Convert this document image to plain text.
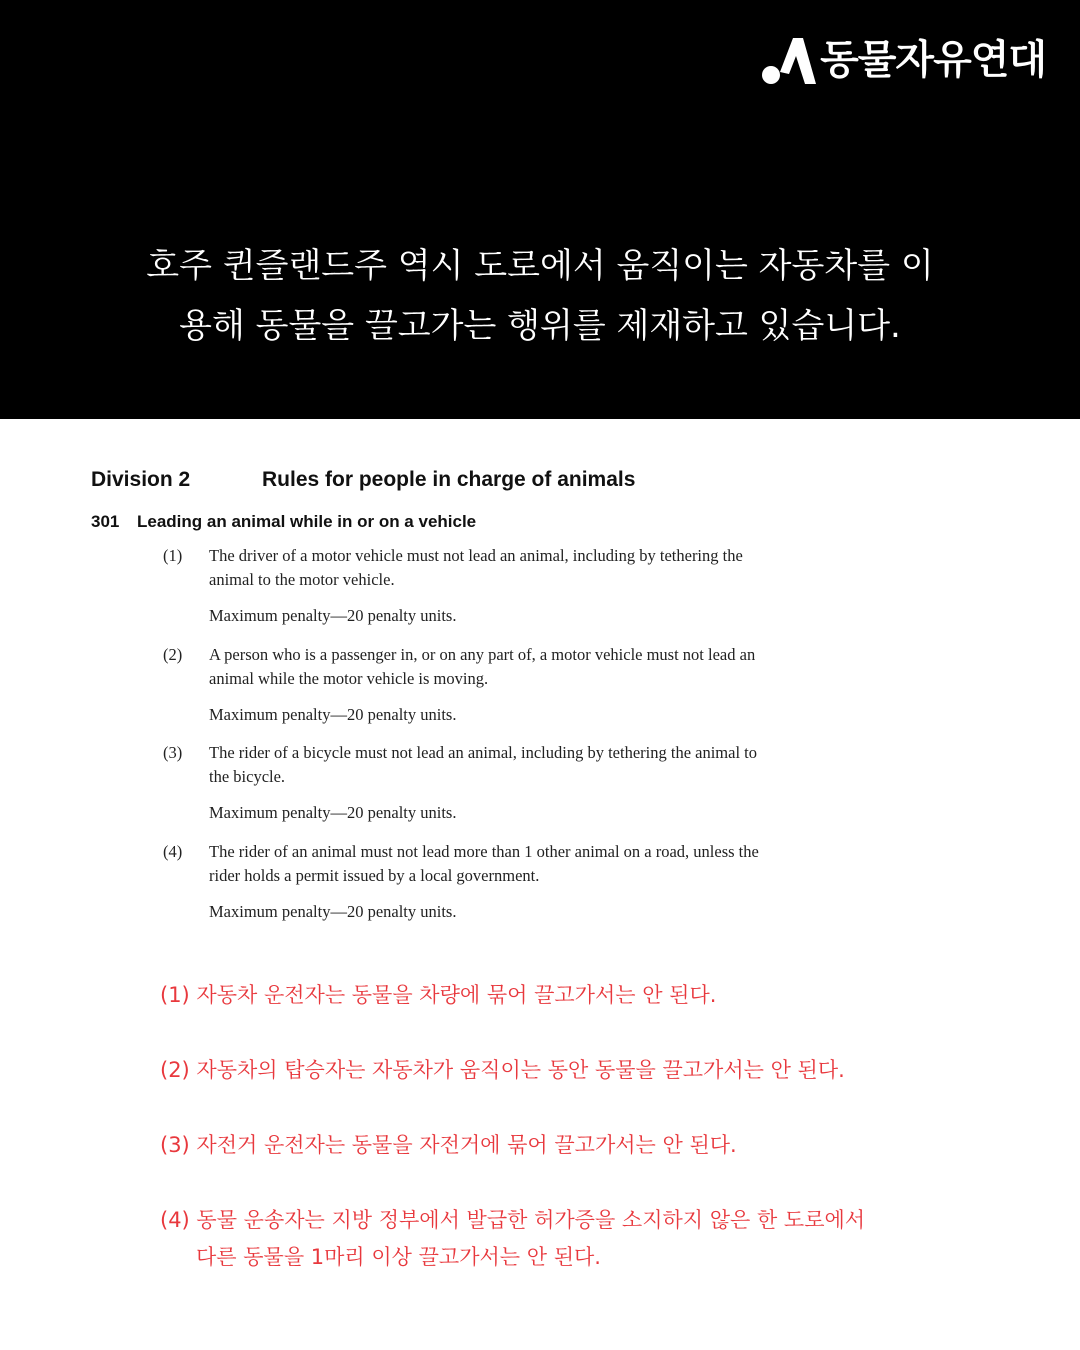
동물자유연대
호주 퀸즐랜드주 역시 도로에서 움직이는 자동차를 이
용해 동물을 끌고가는 행위를 제재하고 있습니다.
Division 2	Rules for people in charge of animals
301 Leading an animal while in or on a vehicle
(1) The driver of a motor vehicle must not lead an animal, including by tethering the
animal to the motor vehicle.
Maximum penalty—20 penalty units.
(2) A person who is a passenger in, or on any part of, a motor vehicle must not lead an
animal while the motor vehicle is moving.
Maximum penalty—20 penalty units.
(3) The rider of a bicycle must not lead an animal, including by tethering the animal to
the bicycle.
Maximum penalty—20 penalty units.
(4) The rider of an animal must not lead more than 1 other animal on a road, unless the
rider holds a permit issued by a local government.
Maximum penalty—20 penalty units.
(1) 자동차 운전자는 동물을 차량에 묶어 끌고가서는 안 된다.
(2) 자동차의 탑승자는 자동차가 움직이는 동안 동물을 끌고가서는 안 된다.
(3) 자전거 운전자는 동물을 자전거에 묶어 끌고가서는 안 된다.
(4) 동물 운송자는 지방 정부에서 발급한 허가증을 소지하지 않은 한 도로에서
다른 동물을 1마리 이상 끌고가서는 안 된다.
